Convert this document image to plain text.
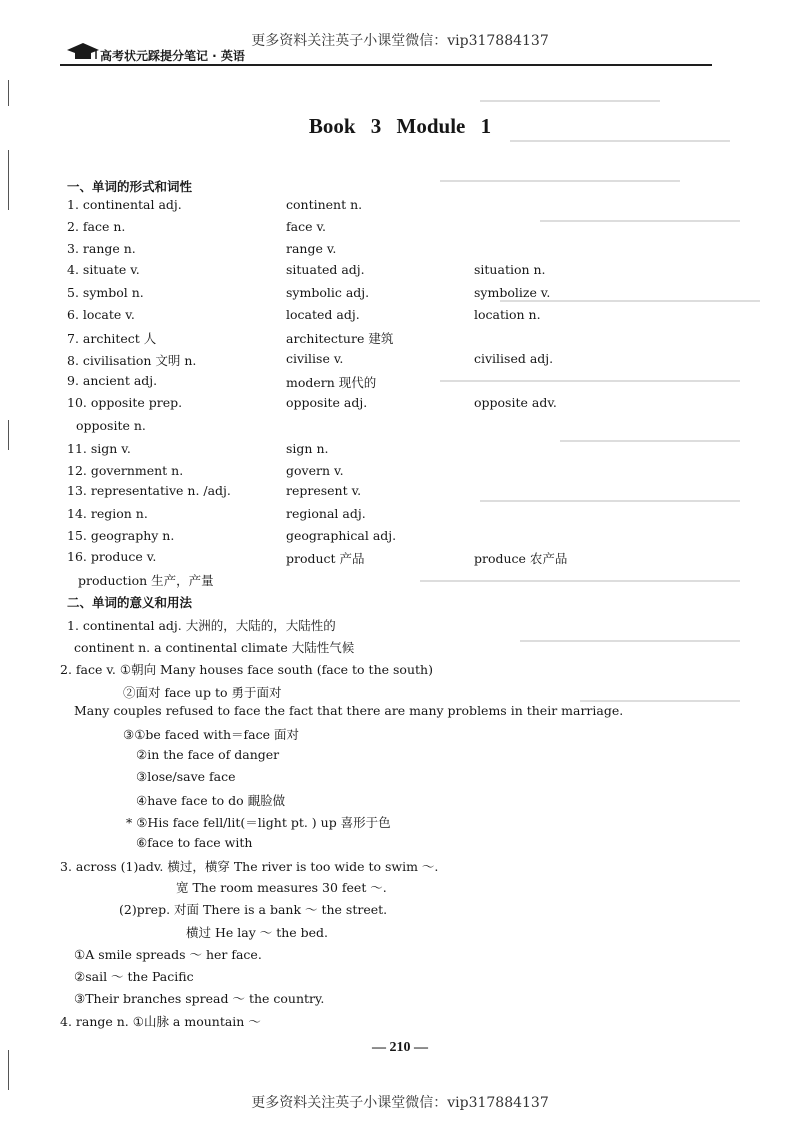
更多资料关注英子小课堂微信：vip317884137
高考状元踩提分笔记 · 英语
Book 3 Module 1
一、单词的形式和词性
1. continental adj.	continent n.
2. face n.	face v.
3. range n.	range v.
4. situate v.	situated adj.	situation n.
5. symbol n.	symbolic adj.	symbolize v.
6. locate v.	located adj.	location n.
7. architect 人	architecture 建筑
8. civilisation 文明 n.	civilise v.	civilised adj.
9. ancient adj.	modern 现代的
10. opposite prep.	opposite adj.	opposite adv.
opposite n.
11. sign v.	sign n.
12. government n.	govern v.
13. representative n. /adj.	represent v.
14. region n.	regional adj.
15. geography n.	geographical adj.
16. produce v.	product 产品	produce 农产品
production 生产，产量
二、单词的意义和用法
1. continental adj. 大洲的，大陆的，大陆性的
continent n. a continental climate 大陆性气候
2. face v. ①朝向 Many houses face south (face to the south)
②面对 face up to 勇于面对
Many couples refused to face the fact that there are many problems in their marriage.
③①be faced with＝face 面对
②in the face of danger
③lose/save face
④have face to do 靦脸做
* ⑤His face fell/lit(＝light pt. ) up 喜形于色
⑥face to face with
3. across (1)adv. 横过，横穿 The river is too wide to swim ～.
宽 The room measures 30 feet ～.
(2)prep. 对面 There is a bank ～ the street.
横过 He lay ～ the bed.
①A smile spreads ～ her face.
②sail ～ the Pacific
③Their branches spread ～ the country.
4. range n. ①山脉 a mountain ～
— 210 —
更多资料关注英子小课堂微信：vip317884137
